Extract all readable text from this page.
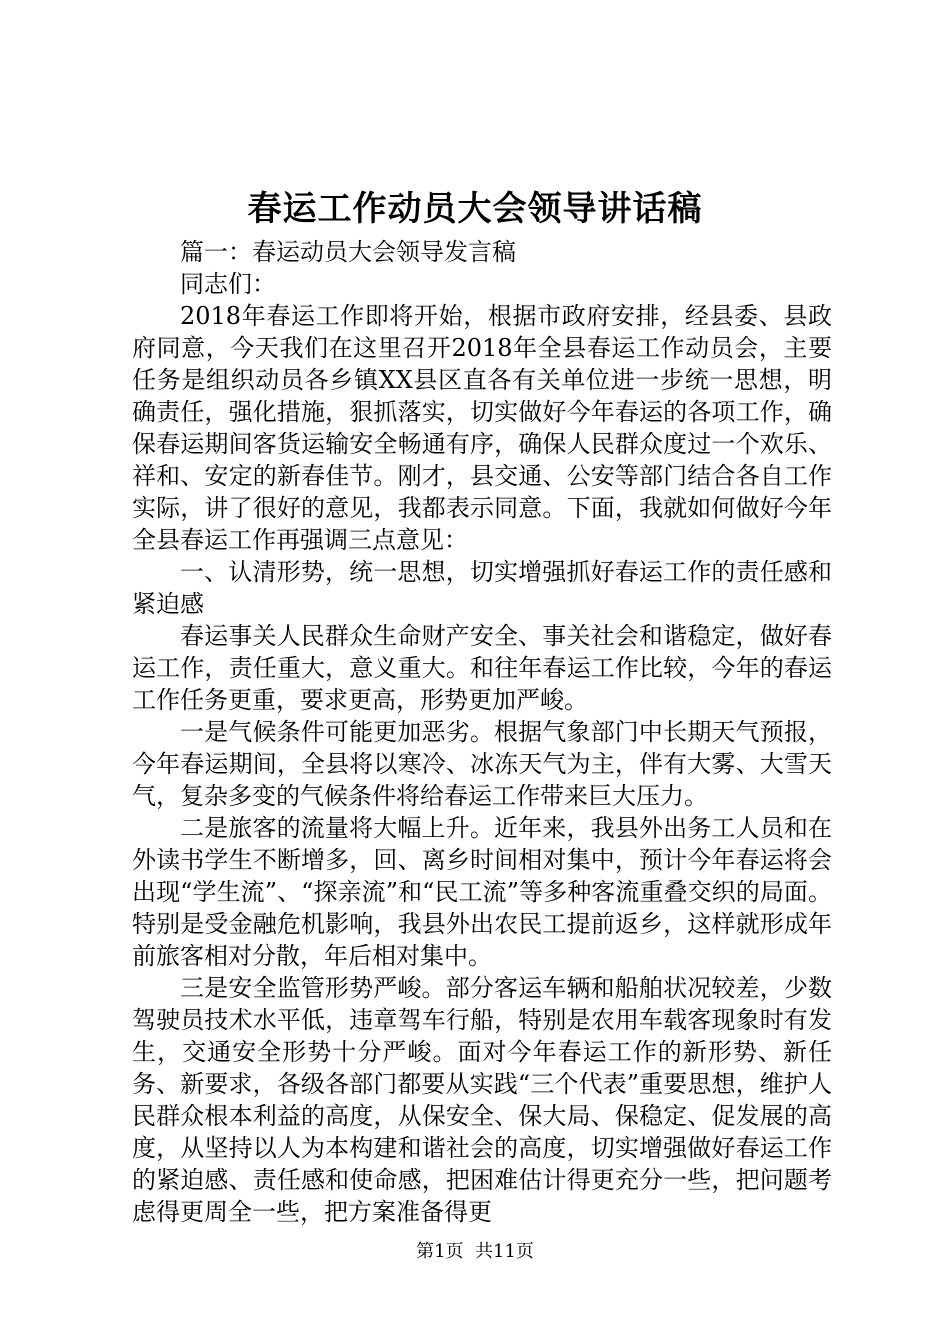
春运工作动员大会领导讲话稿

篇一：春运动员大会领导发言稿

同志们：

2018年春运工作即将开始，根据市政府安排，经县委、县政府同意，今天我们在这里召开2018年全县春运工作动员会，主要任务是组织动员各乡镇XX县区直各有关单位进一步统一思想，明确责任，强化措施，狠抓落实，切实做好今年春运的各项工作，确保春运期间客货运输安全畅通有序，确保人民群众度过一个欢乐、祥和、安定的新春佳节。刚才，县交通、公安等部门结合各自工作实际，讲了很好的意见，我都表示同意。下面，我就如何做好今年全县春运工作再强调三点意见：

一、认清形势，统一思想，切实增强抓好春运工作的责任感和紧迫感

春运事关人民群众生命财产安全、事关社会和谐稳定，做好春运工作，责任重大，意义重大。和往年春运工作比较，今年的春运工作任务更重，要求更高，形势更加严峻。

一是气候条件可能更加恶劣。根据气象部门中长期天气预报，今年春运期间，全县将以寒冷、冰冻天气为主，伴有大雾、大雪天气，复杂多变的气候条件将给春运工作带来巨大压力。

二是旅客的流量将大幅上升。近年来，我县外出务工人员和在外读书学生不断增多，回、离乡时间相对集中，预计今年春运将会出现“学生流”、“探亲流”和“民工流”等多种客流重叠交织的局面。特别是受金融危机影响，我县外出农民工提前返乡，这样就形成年前旅客相对分散，年后相对集中。

三是安全监管形势严峻。部分客运车辆和船舶状况较差，少数驾驶员技术水平低，违章驾车行船，特别是农用车载客现象时有发生，交通安全形势十分严峻。面对今年春运工作的新形势、新任务、新要求，各级各部门都要从实践“三个代表”重要思想，维护人民群众根本利益的高度，从保安全、保大局、保稳定、促发展的高度，从坚持以人为本构建和谐社会的高度，切实增强做好春运工作的紧迫感、责任感和使命感，把困难估计得更充分一些，把问题考虑得更周全一些，把方案准备得更

第1页 共11页
